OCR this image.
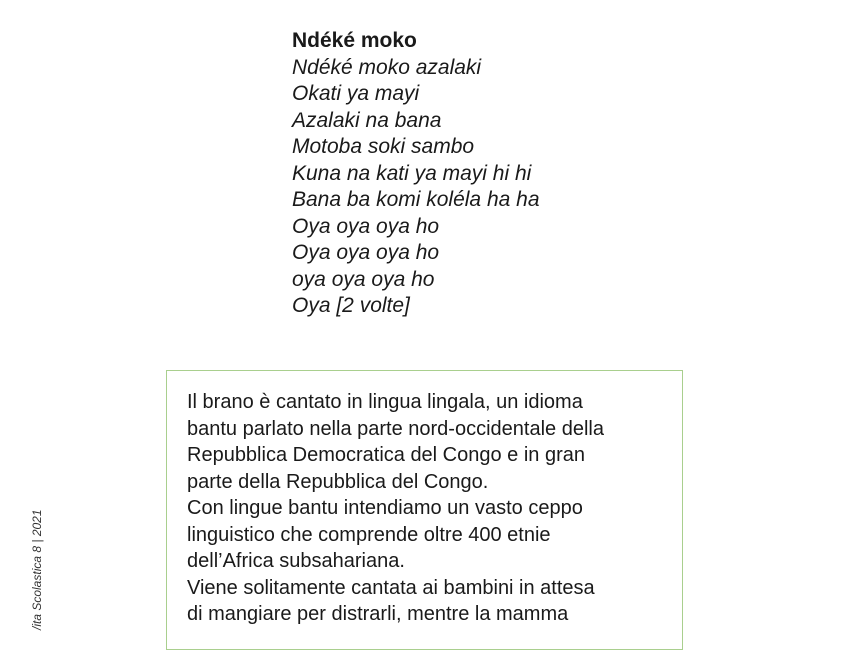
Ndéké moko
Ndéké moko azalaki
Okati ya mayi
Azalaki na bana
Motoba soki sambo
Kuna na kati ya mayi hi hi
Bana ba komi koléla ha ha
Oya oya oya ho
Oya oya oya ho
oya oya oya ho
Oya [2 volte]
Il brano è cantato in lingua lingala, un idioma
bantu parlato nella parte nord-occidentale della
Repubblica Democratica del Congo e in gran
parte della Repubblica del Congo.
Con lingue bantu intendiamo un vasto ceppo
linguistico che comprende oltre 400 etnie
dell’Africa subsahariana.
Viene solitamente cantata ai bambini in attesa
di mangiare per distrarli, mentre la mamma
/ita Scolastica 8 | 2021
